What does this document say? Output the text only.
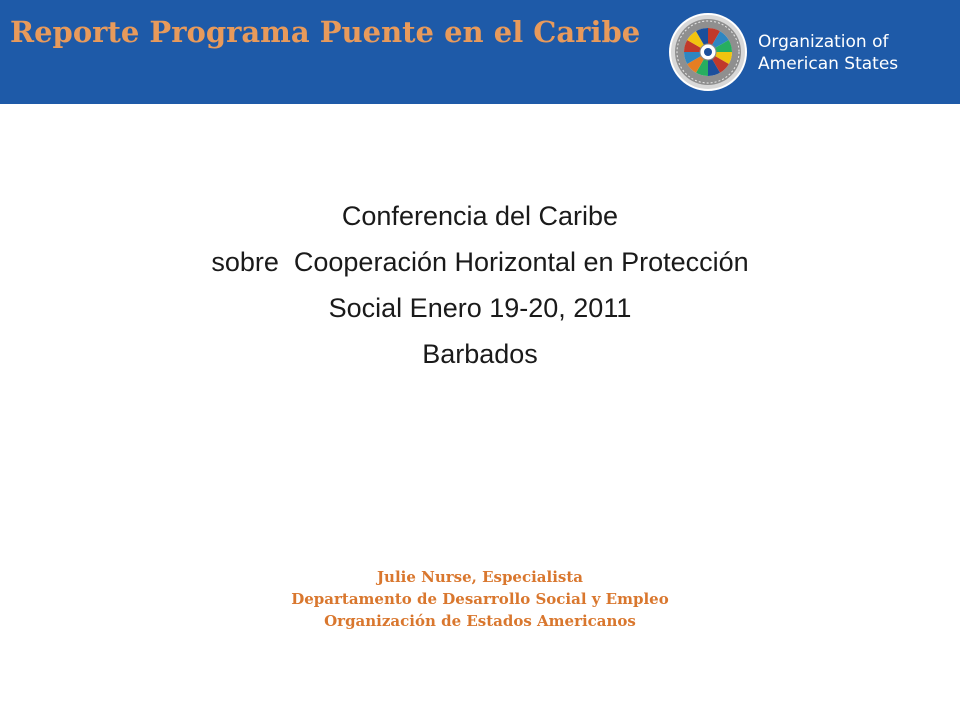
Reporte Programa Puente en el Caribe	Organization of
American States
Conferencia del Caribe
sobre  Cooperación Horizontal en Protección
Social Enero 19-20, 2011
Barbados
Julie Nurse, Especialista
Departamento de Desarrollo Social y Empleo
Organización de Estados Americanos
